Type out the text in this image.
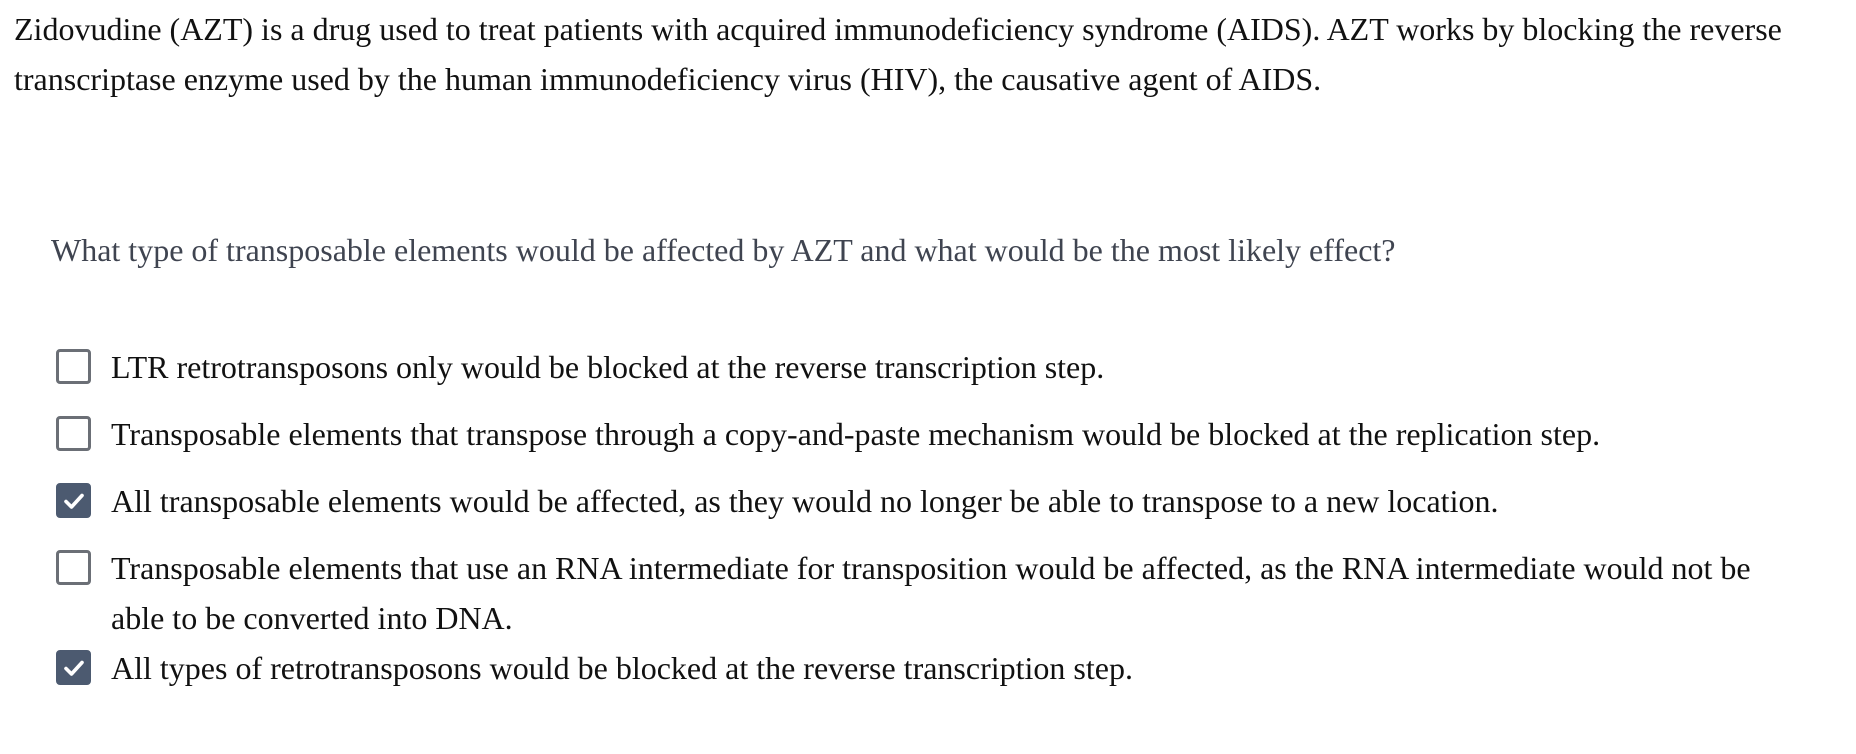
Zidovudine (AZT) is a drug used to treat patients with acquired immunodeficiency syndrome (AIDS). AZT works by blocking the reverse transcriptase enzyme used by the human immunodeficiency virus (HIV), the causative agent of AIDS.

What type of transposable elements would be affected by AZT and what would be the most likely effect?

LTR retrotransposons only would be blocked at the reverse transcription step.
Transposable elements that transpose through a copy-and-paste mechanism would be blocked at the replication step.
All transposable elements would be affected, as they would no longer be able to transpose to a new location.
Transposable elements that use an RNA intermediate for transposition would be affected, as the RNA intermediate would not be able to be converted into DNA.
All types of retrotransposons would be blocked at the reverse transcription step.
